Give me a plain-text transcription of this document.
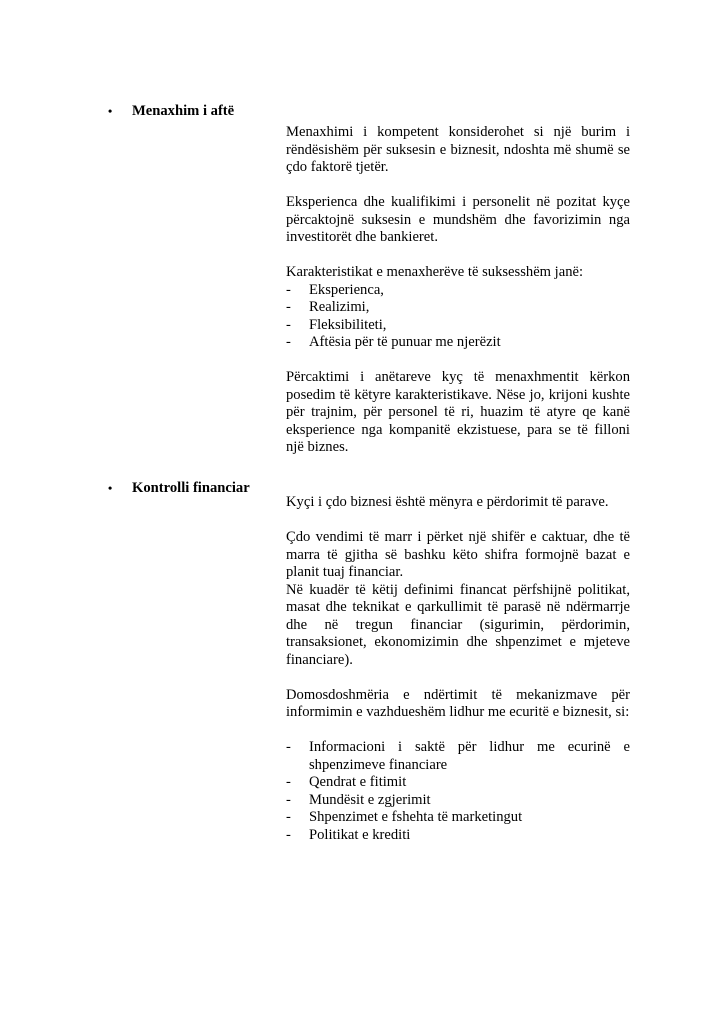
•	Menaxhim i aftë

Menaxhimi i kompetent konsiderohet si një burim i rëndësishëm për suksesin e biznesit, ndoshta më shumë se çdo faktorë tjetër.

Eksperienca dhe kualifikimi i personelit në pozitat kyçe përcaktojnë suksesin e mundshëm dhe favorizimin nga investitorët dhe bankieret.

Karakteristikat e menaxherëve të suksesshëm janë:
- Eksperienca,
- Realizimi,
- Fleksibiliteti,
- Aftësia për të punuar me njerëzit

Përcaktimi i anëtareve kyç të menaxhmentit kërkon posedim të këtyre karakteristikave. Nëse jo, krijoni kushte për trajnim, për personel të ri, huazim të atyre qe kanë eksperience nga kompanitë ekzistuese, para se të filloni një biznes.

•	Kontrolli financiar

Kyçi i çdo biznesi është mënyra e përdorimit të parave.

Çdo vendimi të marr i përket një shifër e caktuar, dhe të marra të gjitha së bashku këto shifra formojnë bazat e planit tuaj financiar.

Në kuadër të këtij definimi financat përfshijnë politikat, masat dhe teknikat e qarkullimit të parasë në ndërmarrje dhe në tregun financiar (sigurimin, përdorimin, transaksionet, ekonomizimin dhe shpenzimet e mjeteve financiare).

Domosdoshmëria e ndërtimit të mekanizmave për informimin e vazhdueshëm lidhur me ecuritë e biznesit, si:

- Informacioni i saktë për lidhur me ecurinë e shpenzimeve financiare
- Qendrat e fitimit
- Mundësit e zgjerimit
- Shpenzimet e fshehta të marketingut
- Politikat e krediti
